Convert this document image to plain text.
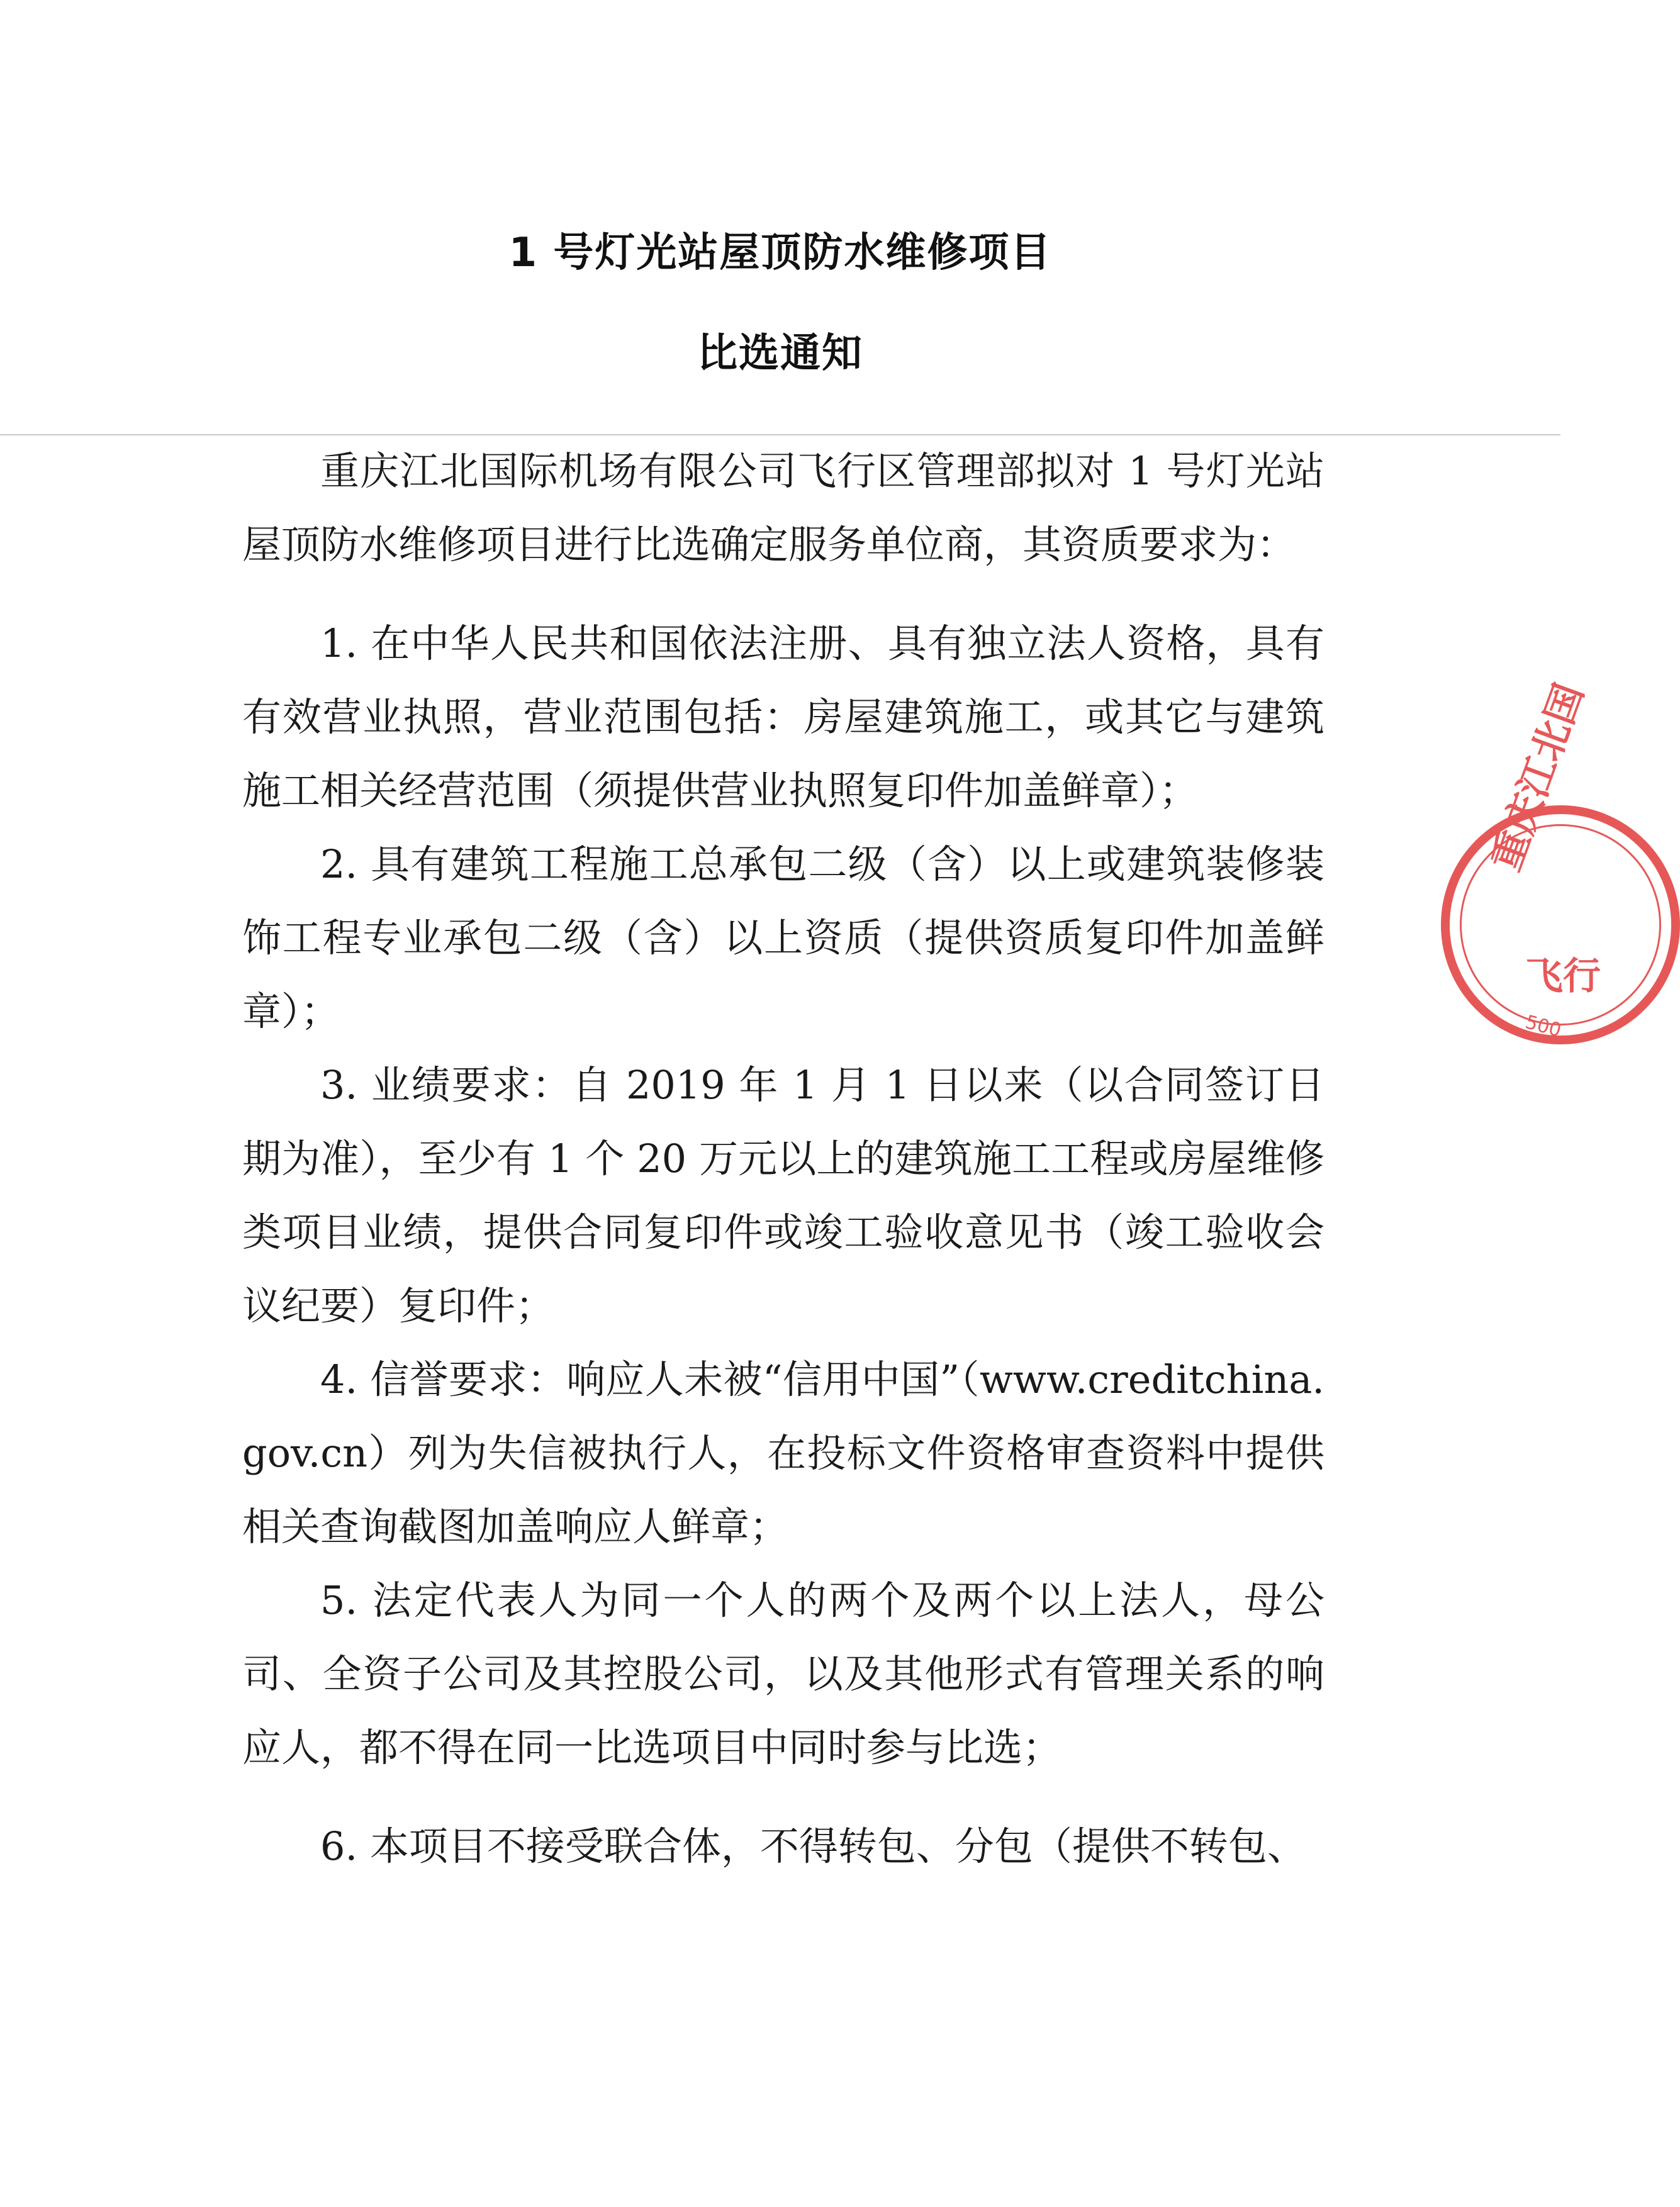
1 号灯光站屋顶防水维修项目
比选通知

重庆江北国际机场有限公司飞行区管理部拟对 1 号灯光站屋顶防水维修项目进行比选确定服务单位商，其资质要求为：

1. 在中华人民共和国依法注册、具有独立法人资格，具有有效营业执照，营业范围包括：房屋建筑施工，或其它与建筑施工相关经营范围（须提供营业执照复印件加盖鲜章）；

2. 具有建筑工程施工总承包二级（含）以上或建筑装修装饰工程专业承包二级（含）以上资质（提供资质复印件加盖鲜章）；

3. 业绩要求：自 2019 年 1 月 1 日以来（以合同签订日期为准），至少有 1 个 20 万元以上的建筑施工工程或房屋维修类项目业绩，提供合同复印件或竣工验收意见书（竣工验收会议纪要）复印件；

4. 信誉要求：响应人未被“信用中国”（www.creditchina.gov.cn）列为失信被执行人，在投标文件资格审查资料中提供相关查询截图加盖响应人鲜章；

5. 法定代表人为同一个人的两个及两个以上法人，母公司、全资子公司及其控股公司，以及其他形式有管理关系的响应人，都不得在同一比选项目中同时参与比选；

6. 本项目不接受联合体，不得转包、分包（提供不转包、

重庆江北国
飞行
500
